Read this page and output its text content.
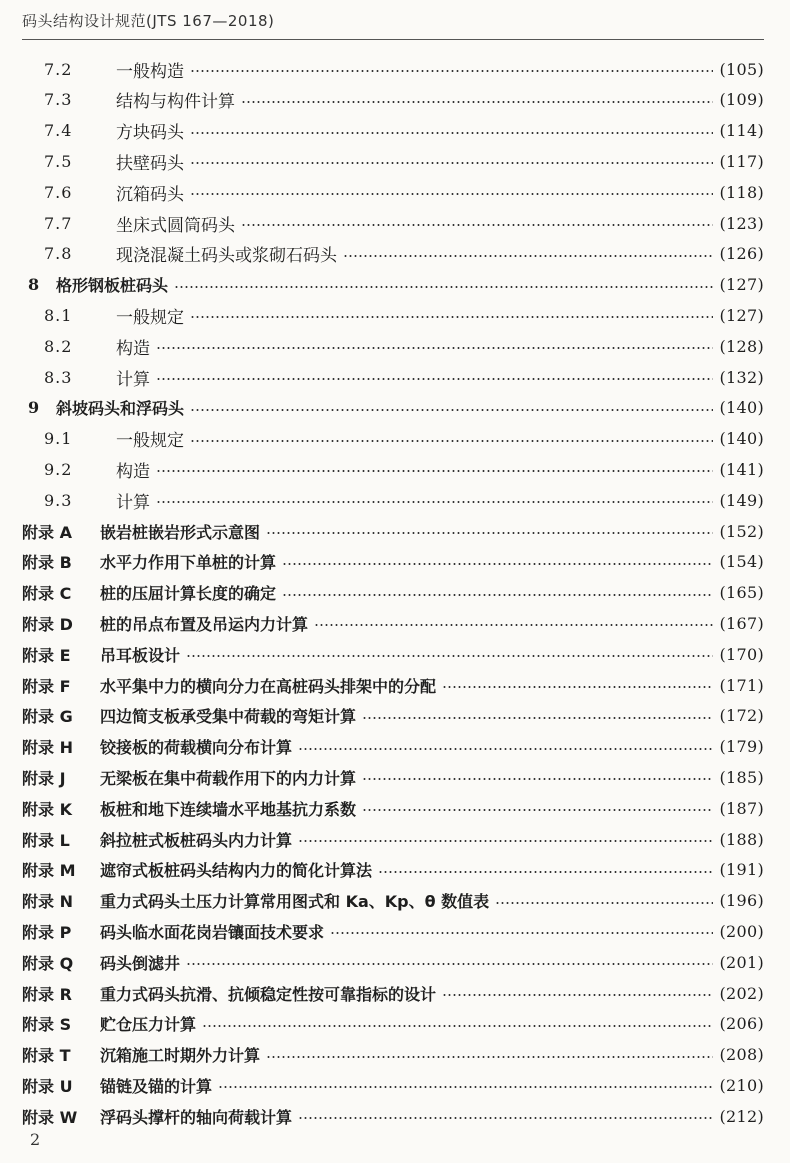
码头结构设计规范(JTS 167—2018)
7.2	一般构造	(105)
7.3	结构与构件计算	(109)
7.4	方块码头	(114)
7.5	扶壁码头	(117)
7.6	沉箱码头	(118)
7.7	坐床式圆筒码头	(123)
7.8	现浇混凝土码头或浆砌石码头	(126)
8	格形钢板桩码头	(127)
8.1	一般规定	(127)
8.2	构造	(128)
8.3	计算	(132)
9	斜坡码头和浮码头	(140)
9.1	一般规定	(140)
9.2	构造	(141)
9.3	计算	(149)
附录 A	嵌岩桩嵌岩形式示意图	(152)
附录 B	水平力作用下单桩的计算	(154)
附录 C	桩的压屈计算长度的确定	(165)
附录 D	桩的吊点布置及吊运内力计算	(167)
附录 E	吊耳板设计	(170)
附录 F	水平集中力的横向分力在高桩码头排架中的分配	(171)
附录 G	四边简支板承受集中荷载的弯矩计算	(172)
附录 H	铰接板的荷载横向分布计算	(179)
附录 J	无梁板在集中荷载作用下的内力计算	(185)
附录 K	板桩和地下连续墙水平地基抗力系数	(187)
附录 L	斜拉桩式板桩码头内力计算	(188)
附录 M	遮帘式板桩码头结构内力的简化计算法	(191)
附录 N	重力式码头土压力计算常用图式和 Ka、Kp、θ 数值表	(196)
附录 P	码头临水面花岗岩镶面技术要求	(200)
附录 Q	码头倒滤井	(201)
附录 R	重力式码头抗滑、抗倾稳定性按可靠指标的设计	(202)
附录 S	贮仓压力计算	(206)
附录 T	沉箱施工时期外力计算	(208)
附录 U	锚链及锚的计算	(210)
附录 W	浮码头撑杆的轴向荷载计算	(212)
2
